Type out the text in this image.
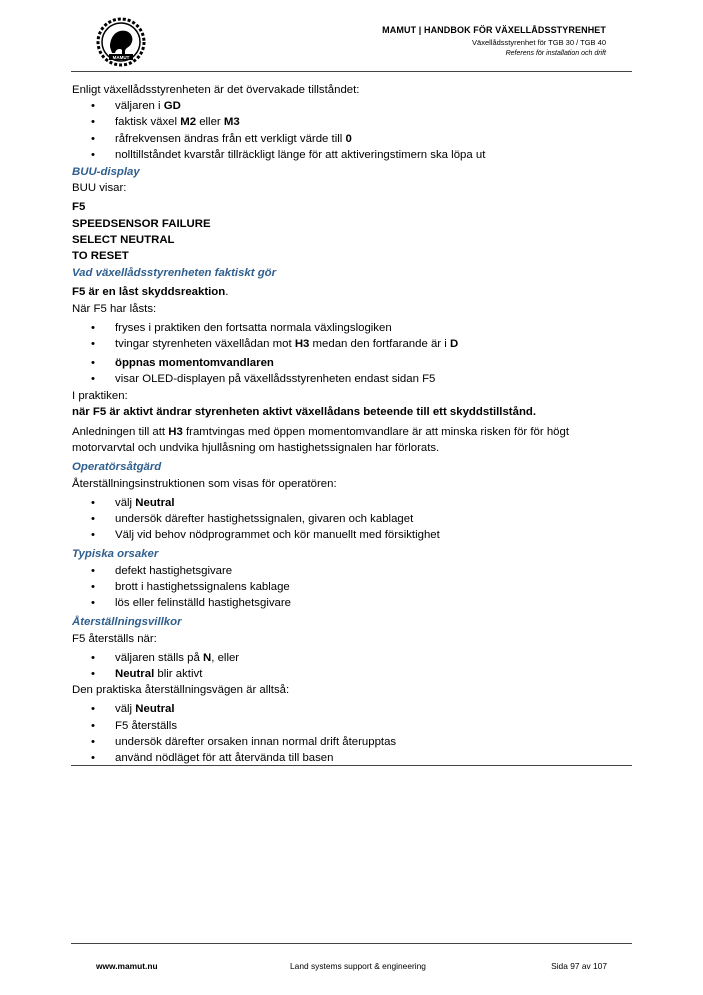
MAMUT
MAMUT | HANDBOK FÖR VÄXELLÅDSSTYRENHET
Växellådsstyrenhet för TGB 30 / TGB 40
Referens för installation och drift

Enligt växellådsstyrenheten är det övervakade tillståndet:

• väljaren i GD
• faktisk växel M2 eller M3
• råfrekvensen ändras från ett verkligt värde till 0
• nolltillståndet kvarstår tillräckligt länge för att aktiveringstimern ska löpa ut

BUU-display

BUU visar:

F5

SPEEDSENSOR FAILURE

SELECT NEUTRAL

TO RESET

Vad växellådsstyrenheten faktiskt gör

F5 är en låst skyddsreaktion.

När F5 har låsts:

• fryses i praktiken den fortsatta normala växlingslogiken
• tvingar styrenheten växellådan mot H3 medan den fortfarande är i D
• öppnas momentomvandlaren
• visar OLED-displayen på växellådsstyrenheten endast sidan F5

I praktiken:

när F5 är aktivt ändrar styrenheten aktivt växellådans beteende till ett skyddstillstånd.

Anledningen till att H3 framtvingas med öppen momentomvandlare är att minska risken för för högt motorvarvtal och undvika hjullåsning om hastighetssignalen har förlorats.

Operatörsåtgärd

Återställningsinstruktionen som visas för operatören:

• välj Neutral
• undersök därefter hastighetssignalen, givaren och kablaget
• Välj vid behov nödprogrammet och kör manuellt med försiktighet

Typiska orsaker

• defekt hastighetsgivare
• brott i hastighetssignalens kablage
• lös eller felinställd hastighetsgivare

Återställningsvillkor

F5 återställs när:

• väljaren ställs på N, eller
• Neutral blir aktivt

Den praktiska återställningsvägen är alltså:

• välj Neutral
• F5 återställs
• undersök därefter orsaken innan normal drift återupptas
• använd nödläget för att återvända till basen
www.mamut.nu	Land systems support & engineering	Sida 97 av 107
